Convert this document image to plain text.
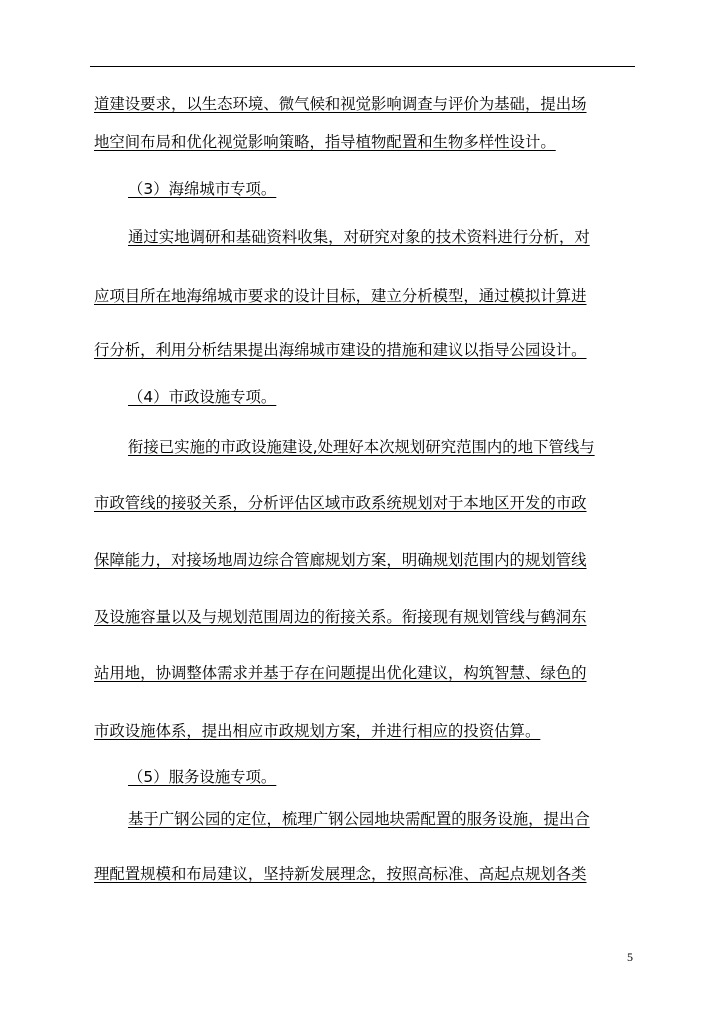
道建设要求，以生态环境、微气候和视觉影响调查与评价为基础，提出场
地空间布局和优化视觉影响策略，指导植物配置和生物多样性设计。
（3）海绵城市专项。
通过实地调研和基础资料收集，对研究对象的技术资料进行分析，对
应项目所在地海绵城市要求的设计目标，建立分析模型，通过模拟计算进
行分析，利用分析结果提出海绵城市建设的措施和建议以指导公园设计。
（4）市政设施专项。
衔接已实施的市政设施建设,处理好本次规划研究范围内的地下管线与
市政管线的接驳关系，分析评估区域市政系统规划对于本地区开发的市政
保障能力，对接场地周边综合管廊规划方案，明确规划范围内的规划管线
及设施容量以及与规划范围周边的衔接关系。衔接现有规划管线与鹤洞东
站用地，协调整体需求并基于存在问题提出优化建议，构筑智慧、绿色的
市政设施体系，提出相应市政规划方案，并进行相应的投资估算。
（5）服务设施专项。
基于广钢公园的定位，梳理广钢公园地块需配置的服务设施，提出合
理配置规模和布局建议，坚持新发展理念，按照高标准、高起点规划各类
5
